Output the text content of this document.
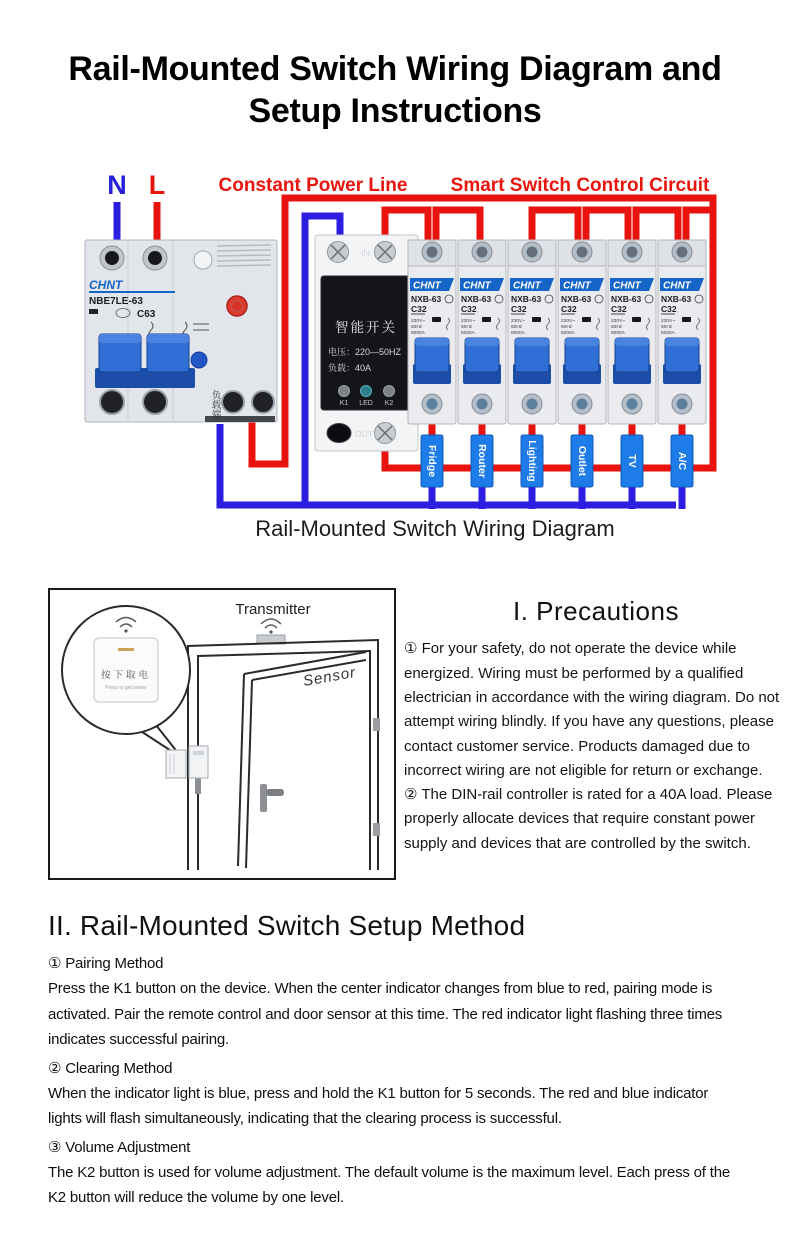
Rail-Mounted Switch Wiring Diagram and Setup Instructions
N L	Constant Power Line Smart Switch Control Circuit
CHNT
NBE7LE-63
C63
负载端
IN
智能开关
电压：220—50HZ
负载：40A
K1 LED K2
OUT
CHNT
NXB-63
C32
230V~
50Hz
6000A
CHNT
NXB-63
C32
230V~
50Hz
6000A
CHNT
NXB-63
C32
230V~
50Hz
6000A
CHNT
NXB-63
C32
230V~
50Hz
6000A
CHNT
NXB-63
C32
230V~
50Hz
6000A
CHNT
NXB-63
C32
230V~
50Hz
6000A
Fridge	Router	Lighting	Outlet	TV	A/C
Rail-Mounted Switch Wiring Diagram
Transmitter
Sensor
按下取电
Press to get power
I. Precautions

① For your safety, do not operate the device while energized. Wiring must be performed by a qualified electrician in accordance with the wiring diagram. Do not attempt wiring blindly. If you have any questions, please contact customer service. Products damaged due to incorrect wiring are not eligible for return or exchange.

② The DIN-rail controller is rated for a 40A load. Please properly allocate devices that require constant power supply and devices that are controlled by the switch.

II. Rail-Mounted Switch Setup Method
① Pairing Method

Press the K1 button on the device. When the center indicator changes from blue to red, pairing mode is activated. Pair the remote control and door sensor at this time. The red indicator light flashing three times indicates successful pairing.

② Clearing Method

When the indicator light is blue, press and hold the K1 button for 5 seconds. The red and blue indicator lights will flash simultaneously, indicating that the clearing process is successful.

③ Volume Adjustment

The K2 button is used for volume adjustment. The default volume is the maximum level. Each press of the K2 button will reduce the volume by one level.
